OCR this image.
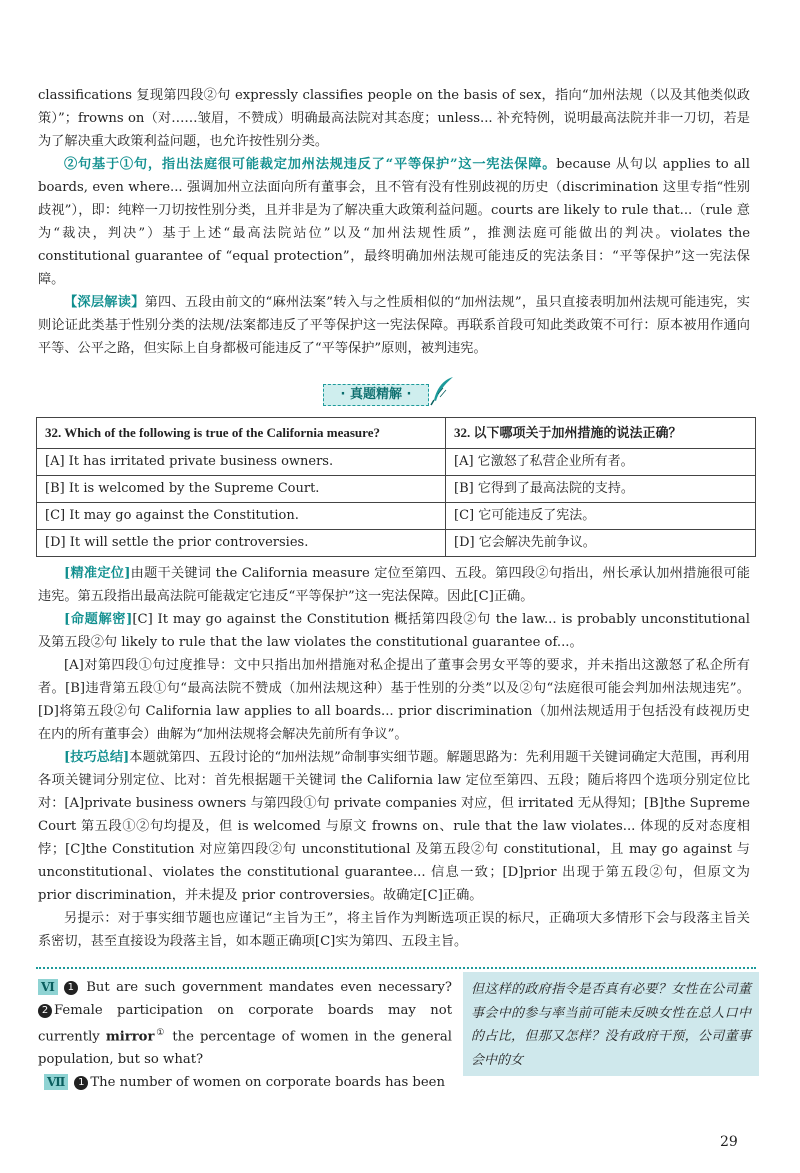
classifications 复现第四段②句 expressly classifies people on the basis of sex，指向“加州法规（以及其他类似政策）”；frowns on（对……皱眉，不赞成）明确最高法院对其态度；unless... 补充特例，说明最高法院并非一刀切，若是为了解决重大政策利益问题，也允许按性别分类。

②句基于①句，指出法庭很可能裁定加州法规违反了“平等保护”这一宪法保障。because 从句以 applies to all boards, even where... 强调加州立法面向所有董事会，且不管有没有性别歧视的历史（discrimination 这里专指“性别歧视”），即：纯粹一刀切按性别分类，且并非是为了解决重大政策利益问题。courts are likely to rule that...（rule 意为“裁决，判决”）基于上述“最高法院站位”以及“加州法规性质”，推测法庭可能做出的判决。violates the constitutional guarantee of “equal protection”，最终明确加州法规可能违反的宪法条目：“平等保护”这一宪法保障。

【深层解读】第四、五段由前文的“麻州法案”转入与之性质相似的“加州法规”，虽只直接表明加州法规可能违宪，实则论证此类基于性别分类的法规/法案都违反了平等保护这一宪法保障。再联系首段可知此类政策不可行：原本被用作通向平等、公平之路，但实际上自身都极可能违反了“平等保护”原则，被判违宪。

· 真题精解 ·
32. Which of the following is true of the California measure?	32. 以下哪项关于加州措施的说法正确？
[A] It has irritated private business owners.	[A] 它激怒了私营企业所有者。
[B] It is welcomed by the Supreme Court.	[B] 它得到了最高法院的支持。
[C] It may go against the Constitution.	[C] 它可能违反了宪法。
[D] It will settle the prior controversies.	[D] 它会解决先前争议。

[精准定位]由题干关键词 the California measure 定位至第四、五段。第四段②句指出，州长承认加州措施很可能违宪。第五段指出最高法院可能裁定它违反“平等保护”这一宪法保障。因此[C]正确。

[命题解密][C] It may go against the Constitution 概括第四段②句 the law... is probably unconstitutional 及第五段②句 likely to rule that the law violates the constitutional guarantee of...。

[A]对第四段①句过度推导：文中只指出加州措施对私企提出了董事会男女平等的要求，并未指出这激怒了私企所有者。[B]违背第五段①句“最高法院不赞成（加州法规这种）基于性别的分类”以及②句“法庭很可能会判加州法规违宪”。[D]将第五段②句 California law applies to all boards... prior discrimination（加州法规适用于包括没有歧视历史在内的所有董事会）曲解为“加州法规将会解决先前所有争议”。

[技巧总结]本题就第四、五段讨论的“加州法规”命制事实细节题。解题思路为：先利用题干关键词确定大范围，再利用各项关键词分别定位、比对：首先根据题干关键词 the California law 定位至第四、五段；随后将四个选项分别定位比对：[A]private business owners 与第四段①句 private companies 对应，但 irritated 无从得知；[B]the Supreme Court 第五段①②句均提及，但 is welcomed 与原文 frowns on、rule that the law violates... 体现的反对态度相悖；[C]the Constitution 对应第四段②句 unconstitutional 及第五段②句 constitutional，且 may go against 与 unconstitutional、violates the constitutional guarantee... 信息一致；[D]prior 出现于第五段②句，但原文为 prior discrimination，并未提及 prior controversies。故确定[C]正确。

另提示：对于事实细节题也应谨记“主旨为王”，将主旨作为判断选项正误的标尺，正确项大多情形下会与段落主旨关系密切，甚至直接设为段落主旨，如本题正确项[C]实为第四、五段主旨。

Ⅵ 1 But are such government mandates even necessary? 2 Female participation on corporate boards may not currently mirror① the percentage of women in the general population, but so what?

Ⅶ 1 The number of women on corporate boards has been

但这样的政府指令是否真有必要？女性在公司董事会中的参与率当前可能未反映女性在总人口中的占比，但那又怎样？没有政府干预，公司董事会中的女
29
